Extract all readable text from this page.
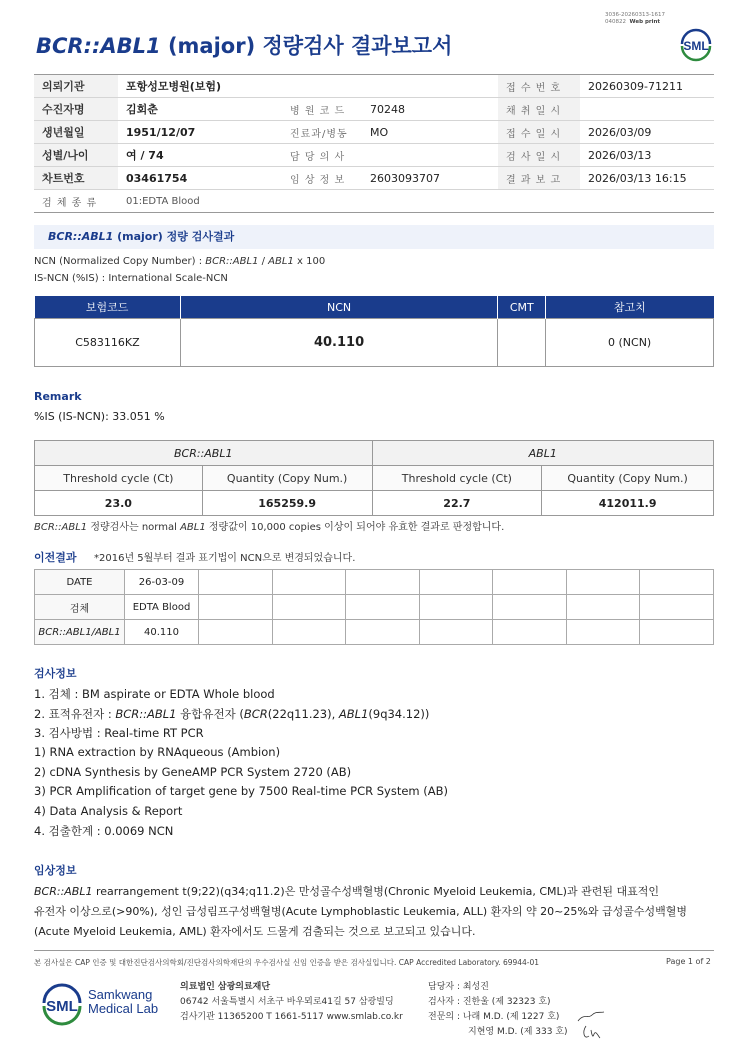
BCR::ABL1 (major) 정량검사 결과보고서
3036-20260313-1617
040822 Web print
SML
의뢰기관	포항성모병원(보험)			접 수 번 호	20260309-71211
수진자명	김회춘	병 원 코 드	70248	채 취 일 시	
생년월일	1951/12/07	진료과/병동	MO	접 수 일 시	2026/03/09
성별/나이	여 / 74	담 당 의 사		검 사 일 시	2026/03/13
차트번호	03461754	임 상 정 보	2603093707	결 과 보 고	2026/03/13 16:15
검 체 종 류	01:EDTA Blood				
BCR::ABL1 (major) 정량 검사결과
NCN (Normalized Copy Number) : BCR::ABL1 / ABL1 x 100
IS-NCN (%IS) : International Scale-NCN
보험코드	NCN	CMT	참고치
C583116KZ	40.110		0 (NCN)
Remark
%IS (IS-NCN): 33.051 %
BCR::ABL1		ABL1	
Threshold cycle (Ct)	Quantity (Copy Num.)	Threshold cycle (Ct)	Quantity (Copy Num.)
23.0	165259.9	22.7	412011.9
BCR::ABL1 정량검사는 normal ABL1 정량값이 10,000 copies 이상이 되어야 유효한 결과로 판정합니다.
이전결과 *2016년 5월부터 결과 표기법이 NCN으로 변경되었습니다.
DATE	26-03-09							
검체	EDTA Blood							
BCR::ABL1/ABL1	40.110							
검사정보
1. 검체 : BM aspirate or EDTA Whole blood
2. 표적유전자 : BCR::ABL1 융합유전자 (BCR(22q11.23), ABL1(9q34.12))
3. 검사방법 : Real-time RT PCR
1) RNA extraction by RNAqueous (Ambion)
2) cDNA Synthesis by GeneAMP PCR System 2720 (AB)
3) PCR Amplification of target gene by 7500 Real-time PCR System (AB)
4) Data Analysis & Report
4. 검출한계 : 0.0069 NCN
임상정보
BCR::ABL1 rearrangement t(9;22)(q34;q11.2)은 만성골수성백혈병(Chronic Myeloid Leukemia, CML)과 관련된 대표적인
유전자 이상으로(>90%), 성인 급성림프구성백혈병(Acute Lymphoblastic Leukemia, ALL) 환자의 약 20~25%와 급성골수성백혈병
(Acute Myeloid Leukemia, AML) 환자에서도 드물게 검출되는 것으로 보고되고 있습니다.
본 검사실은 CAP 인증 및 대한진단검사의학회/진단검사의학재단의 우수검사실 신임 인증을 받은 검사실입니다. CAP Accredited Laboratory. 69944-01	Page 1 of 2
SML
Samkwang
Medical Lab
의료법인 삼광의료재단
06742 서울특별시 서초구 바우뫼로41길 57 삼광빌딩
검사기관 11365200 T 1661-5117 www.smlab.co.kr
담당자 : 최성진
검사자 : 진한울 (제 32323 호)
전문의 : 나래 M.D. (제 1227 호)
지현영 M.D. (제 333 호)
